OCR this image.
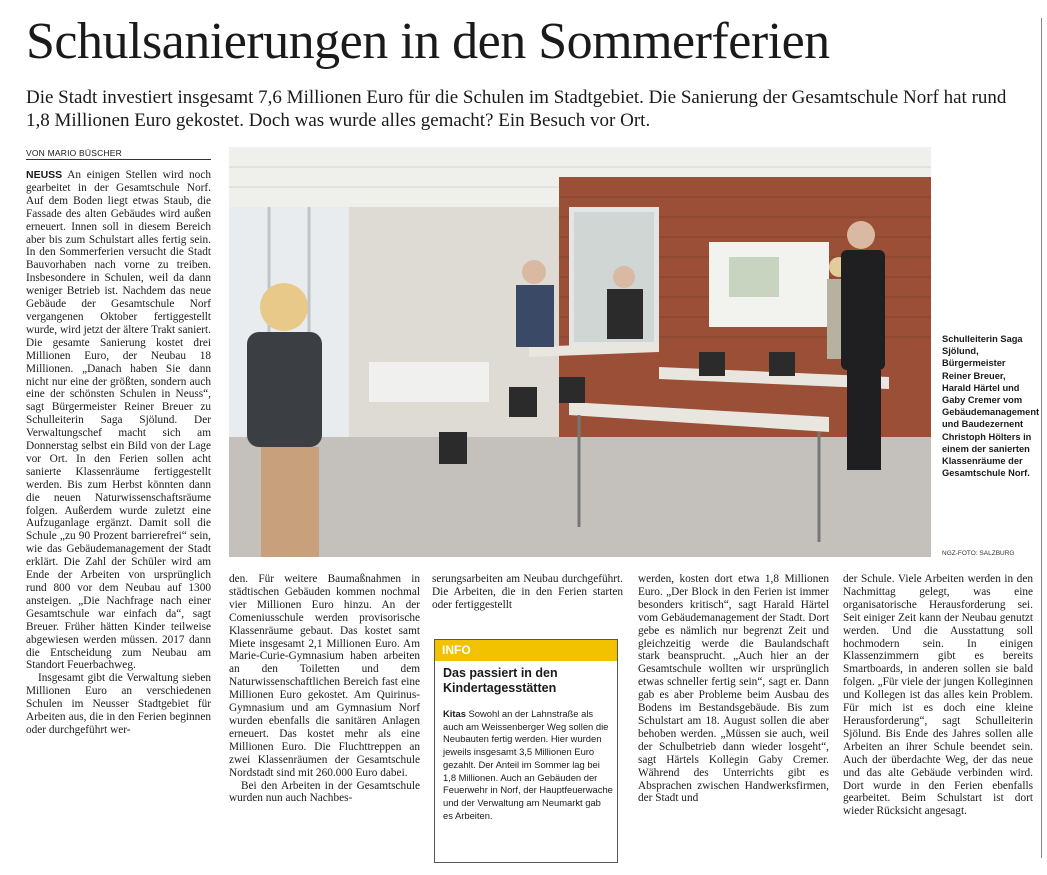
Schulsanierungen in den Sommerferien
Die Stadt investiert insgesamt 7,6 Millionen Euro für die Schulen im Stadtgebiet. Die Sanierung der Gesamtschule Norf hat rund 1,8 Millionen Euro gekostet. Doch was wurde alles gemacht? Ein Besuch vor Ort.
VON MARIO BÜSCHER

NEUSS An einigen Stellen wird noch gearbeitet in der Gesamtschule Norf. Auf dem Boden liegt etwas Staub, die Fassade des alten Gebäudes wird außen erneuert. Innen soll in diesem Bereich aber bis zum Schulstart alles fertig sein. In den Sommerferien versucht die Stadt Bauvorhaben nach vorne zu treiben. Insbesondere in Schulen, weil da dann weniger Betrieb ist. Nachdem das neue Gebäude der Gesamtschule Norf vergangenen Oktober fertiggestellt wurde, wird jetzt der ältere Trakt saniert. Die gesamte Sanierung kostet drei Millionen Euro, der Neubau 18 Millionen. „Danach haben Sie dann nicht nur eine der größten, sondern auch eine der schönsten Schulen in Neuss“, sagt Bürgermeister Reiner Breuer zu Schulleiterin Saga Sjölund. Der Verwaltungschef macht sich am Donnerstag selbst ein Bild von der Lage vor Ort. In den Ferien sollen acht sanierte Klassenräume fertiggestellt werden. Bis zum Herbst könnten dann die neuen Naturwissenschaftsräume folgen. Außerdem wurde zuletzt eine Aufzuganlage ergänzt. Damit soll die Schule „zu 90 Prozent barrierefrei“ sein, wie das Gebäudemanagement der Stadt erklärt. Die Zahl der Schüler wird am Ende der Arbeiten von ursprünglich rund 800 vor dem Neubau auf 1300 ansteigen. „Die Nachfrage nach einer Gesamtschule war einfach da“, sagt Breuer. Früher hätten Kinder teilweise abgewiesen werden müssen. 2017 dann die Entscheidung zum Neubau am Standort Feuerbachweg.

Insgesamt gibt die Verwaltung sieben Millionen Euro an verschiedenen Schulen im Neusser Stadtgebiet für Arbeiten aus, die in den Ferien beginnen oder durchgeführt wer-

Schulleiterin Saga Sjölund, Bürgermeister Reiner Breuer, Harald Härtel und Gaby Cremer vom Gebäudemanagement und Baudezernent Christoph Hölters in einem der sanierten Klassenräume der Gesamtschule Norf.
NGZ-FOTO: SALZBURG

den. Für weitere Baumaßnahmen in städtischen Gebäuden kommen nochmal vier Millionen Euro hinzu. An der Comeniusschule werden provisorische Klassenräume gebaut. Das kostet samt Miete insgesamt 2,1 Millionen Euro. Am Marie-Curie-Gymnasium haben arbeiten an den Toiletten und dem Naturwissenschaftlichen Bereich fast eine Millionen Euro gekostet. Am Quirinus-Gymnasium und am Gymnasium Norf wurden ebenfalls die sanitären Anlagen erneuert. Das kostet mehr als eine Millionen Euro. Die Fluchttreppen an zwei Klassenräumen der Gesamtschule Nordstadt sind mit 260.000 Euro dabei.

Bei den Arbeiten in der Gesamtschule wurden nun auch Nachbes-

serungsarbeiten am Neubau durchgeführt. Die Arbeiten, die in den Ferien starten oder fertiggestellt

INFO
Das passiert in den Kindertagesstätten
Kitas Sowohl an der Lahnstraße als auch am Weissenberger Weg sollen die Neubauten fertig werden. Hier wurden jeweils insgesamt 3,5 Millionen Euro gezahlt. Der Anteil im Sommer lag bei 1,8 Millionen. Auch an Gebäuden der Feuerwehr in Norf, der Hauptfeuerwache und der Verwaltung am Neumarkt gab es Arbeiten.

werden, kosten dort etwa 1,8 Millionen Euro. „Der Block in den Ferien ist immer besonders kritisch“, sagt Harald Härtel vom Gebäudemanagement der Stadt. Dort gebe es nämlich nur begrenzt Zeit und gleichzeitig werde die Baulandschaft stark beansprucht. „Auch hier an der Gesamtschule wollten wir ursprünglich etwas schneller fertig sein“, sagt er. Dann gab es aber Probleme beim Ausbau des Bodens im Bestandsgebäude. Bis zum Schulstart am 18. August sollen die aber behoben werden. „Müssen sie auch, weil der Schulbetrieb dann wieder losgeht“, sagt Härtels Kollegin Gaby Cremer. Während des Unterrichts gibt es Absprachen zwischen Handwerksfirmen, der Stadt und

der Schule. Viele Arbeiten werden in den Nachmittag gelegt, was eine organisatorische Herausforderung sei. Seit einiger Zeit kann der Neubau genutzt werden. Und die Ausstattung soll hochmodern sein. In einigen Klassenzimmern gibt es bereits Smartboards, in anderen sollen sie bald folgen. „Für viele der jungen Kolleginnen und Kollegen ist das alles kein Problem. Für mich ist es doch eine kleine Herausforderung“, sagt Schulleiterin Sjölund. Bis Ende des Jahres sollen alle Arbeiten an ihrer Schule beendet sein. Auch der überdachte Weg, der das neue und das alte Gebäude verbinden wird. Dort wurde in den Ferien ebenfalls gearbeitet. Beim Schulstart ist dort wieder Rücksicht angesagt.
